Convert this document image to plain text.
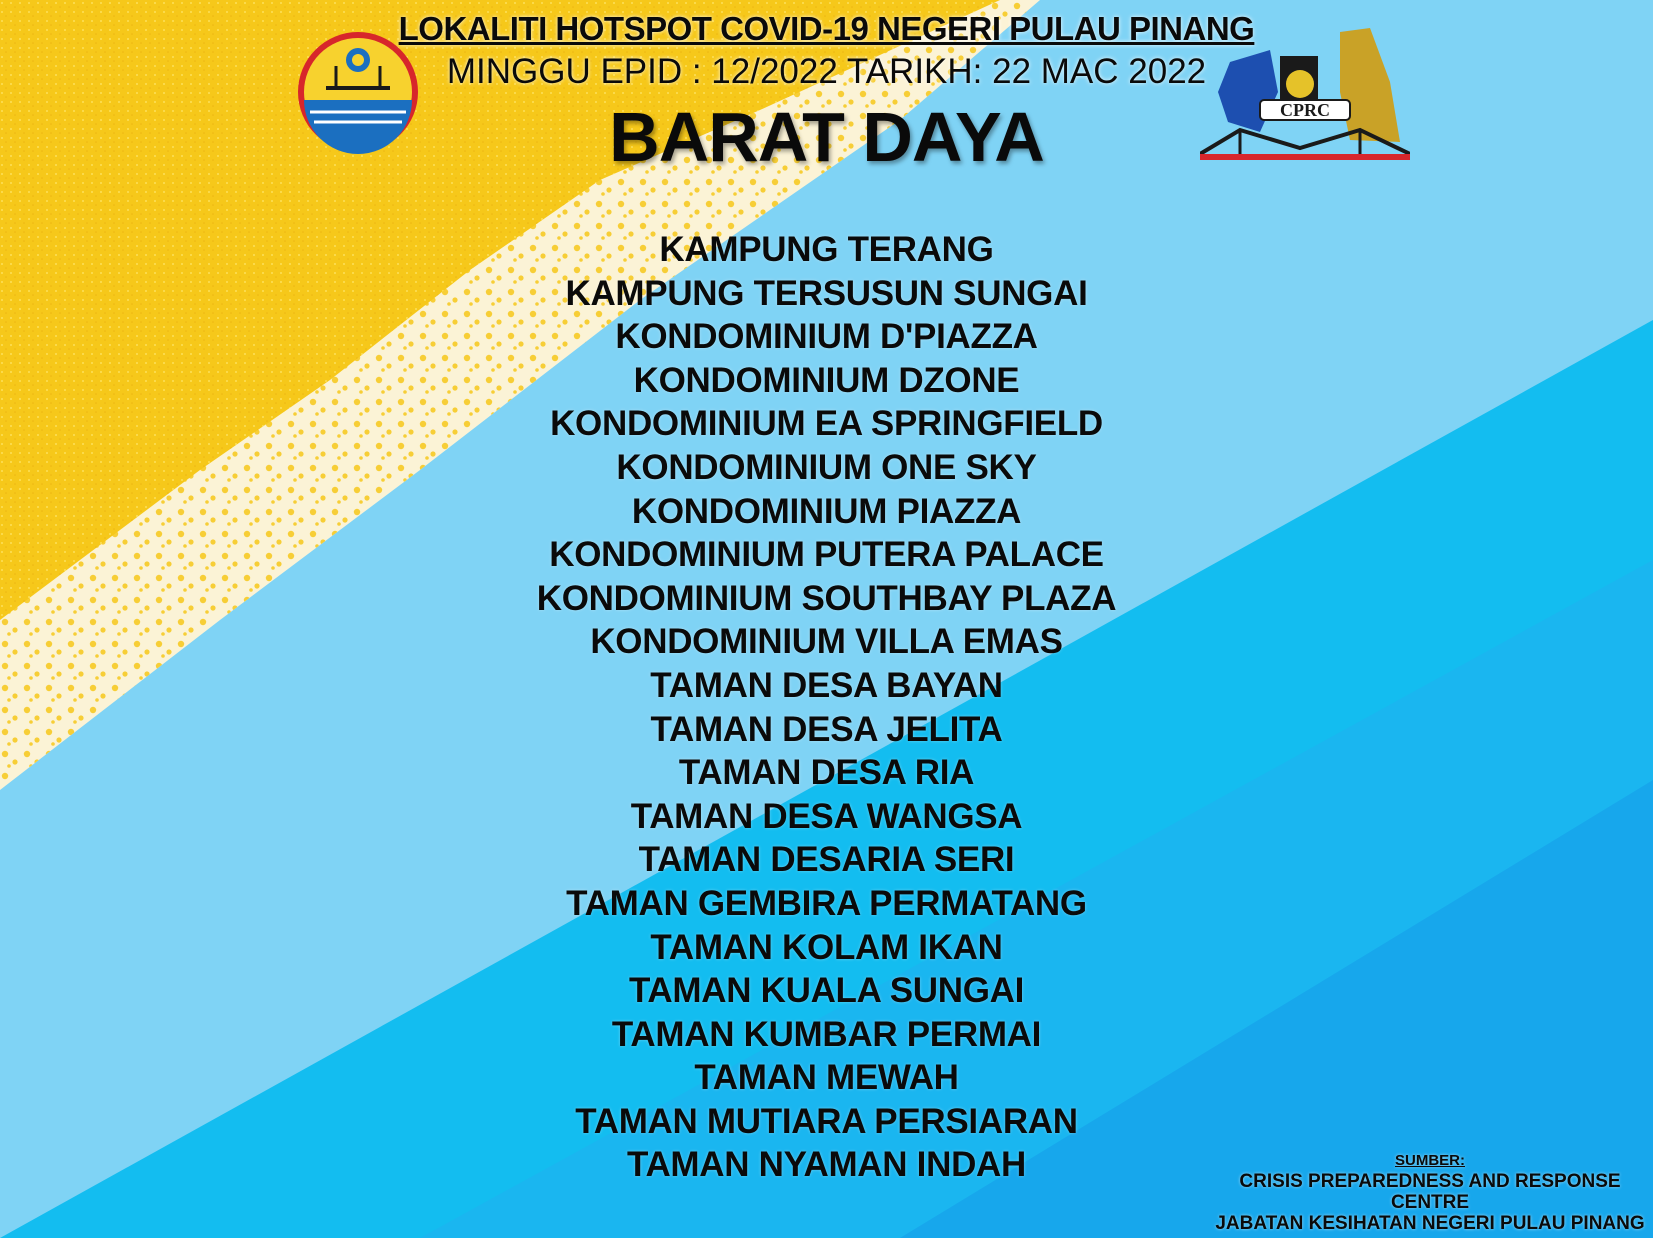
CPRC
LOKALITI HOTSPOT COVID-19 NEGERI PULAU PINANG
MINGGU EPID : 12/2022 TARIKH: 22 MAC 2022
BARAT DAYA
KAMPUNG TERANG
KAMPUNG TERSUSUN SUNGAI
KONDOMINIUM D'PIAZZA
KONDOMINIUM DZONE
KONDOMINIUM EA SPRINGFIELD
KONDOMINIUM ONE SKY
KONDOMINIUM PIAZZA
KONDOMINIUM PUTERA PALACE
KONDOMINIUM SOUTHBAY PLAZA
KONDOMINIUM VILLA EMAS
TAMAN DESA BAYAN
TAMAN DESA JELITA
TAMAN DESA RIA
TAMAN DESA WANGSA
TAMAN DESARIA SERI
TAMAN GEMBIRA PERMATANG
TAMAN KOLAM IKAN
TAMAN KUALA SUNGAI
TAMAN KUMBAR PERMAI
TAMAN MEWAH
TAMAN MUTIARA PERSIARAN
TAMAN NYAMAN INDAH	SUMBER:
CRISIS PREPAREDNESS AND RESPONSE
CENTRE
JABATAN KESIHATAN NEGERI PULAU PINANG
